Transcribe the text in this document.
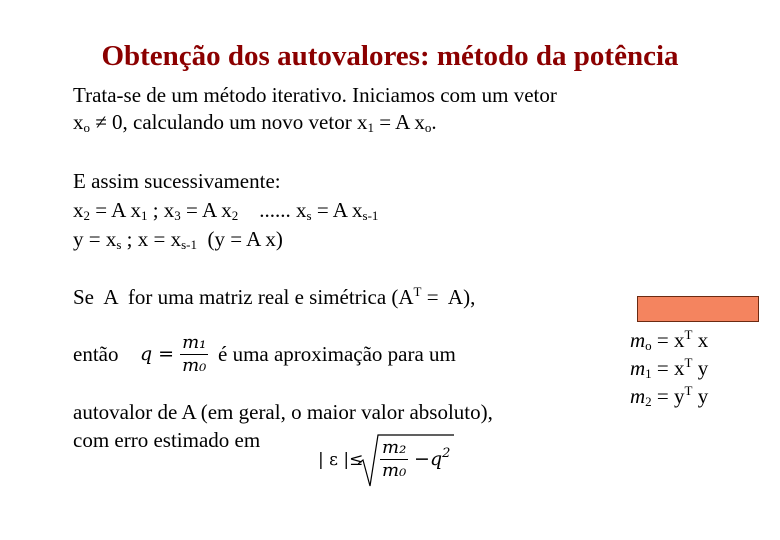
Obtenção dos autovalores: método da potência
Trata-se de um método iterativo. Iniciamos com um vetor
$x_o \ne 0$, calculando um novo vetor $x_1 = A$ $x_o$.
E assim sucessivamente:
$x_2 = A$ $x_1$ ; $x_3 = A$ $x_2$    ...... $x_s = A$ $x_{s-1}$
$y = x_s$ ; $x = x_{s-1}$  (y = A x)
Se  A  for uma matriz real e simétrica $(A^T = A)$,
então $q = \frac{\text{m₁}}{\text{m₀}}$ é uma aproximação para um
autovalor de A (em geral, o maior valor absoluto),
com erro estimado em
| ε |≤ $\frac{\text{m₂}}{\text{m₀}} - q^2$
$m_o = x^T$ x
$m_1 = x^T$ y
$m_2 = y^T$ y
